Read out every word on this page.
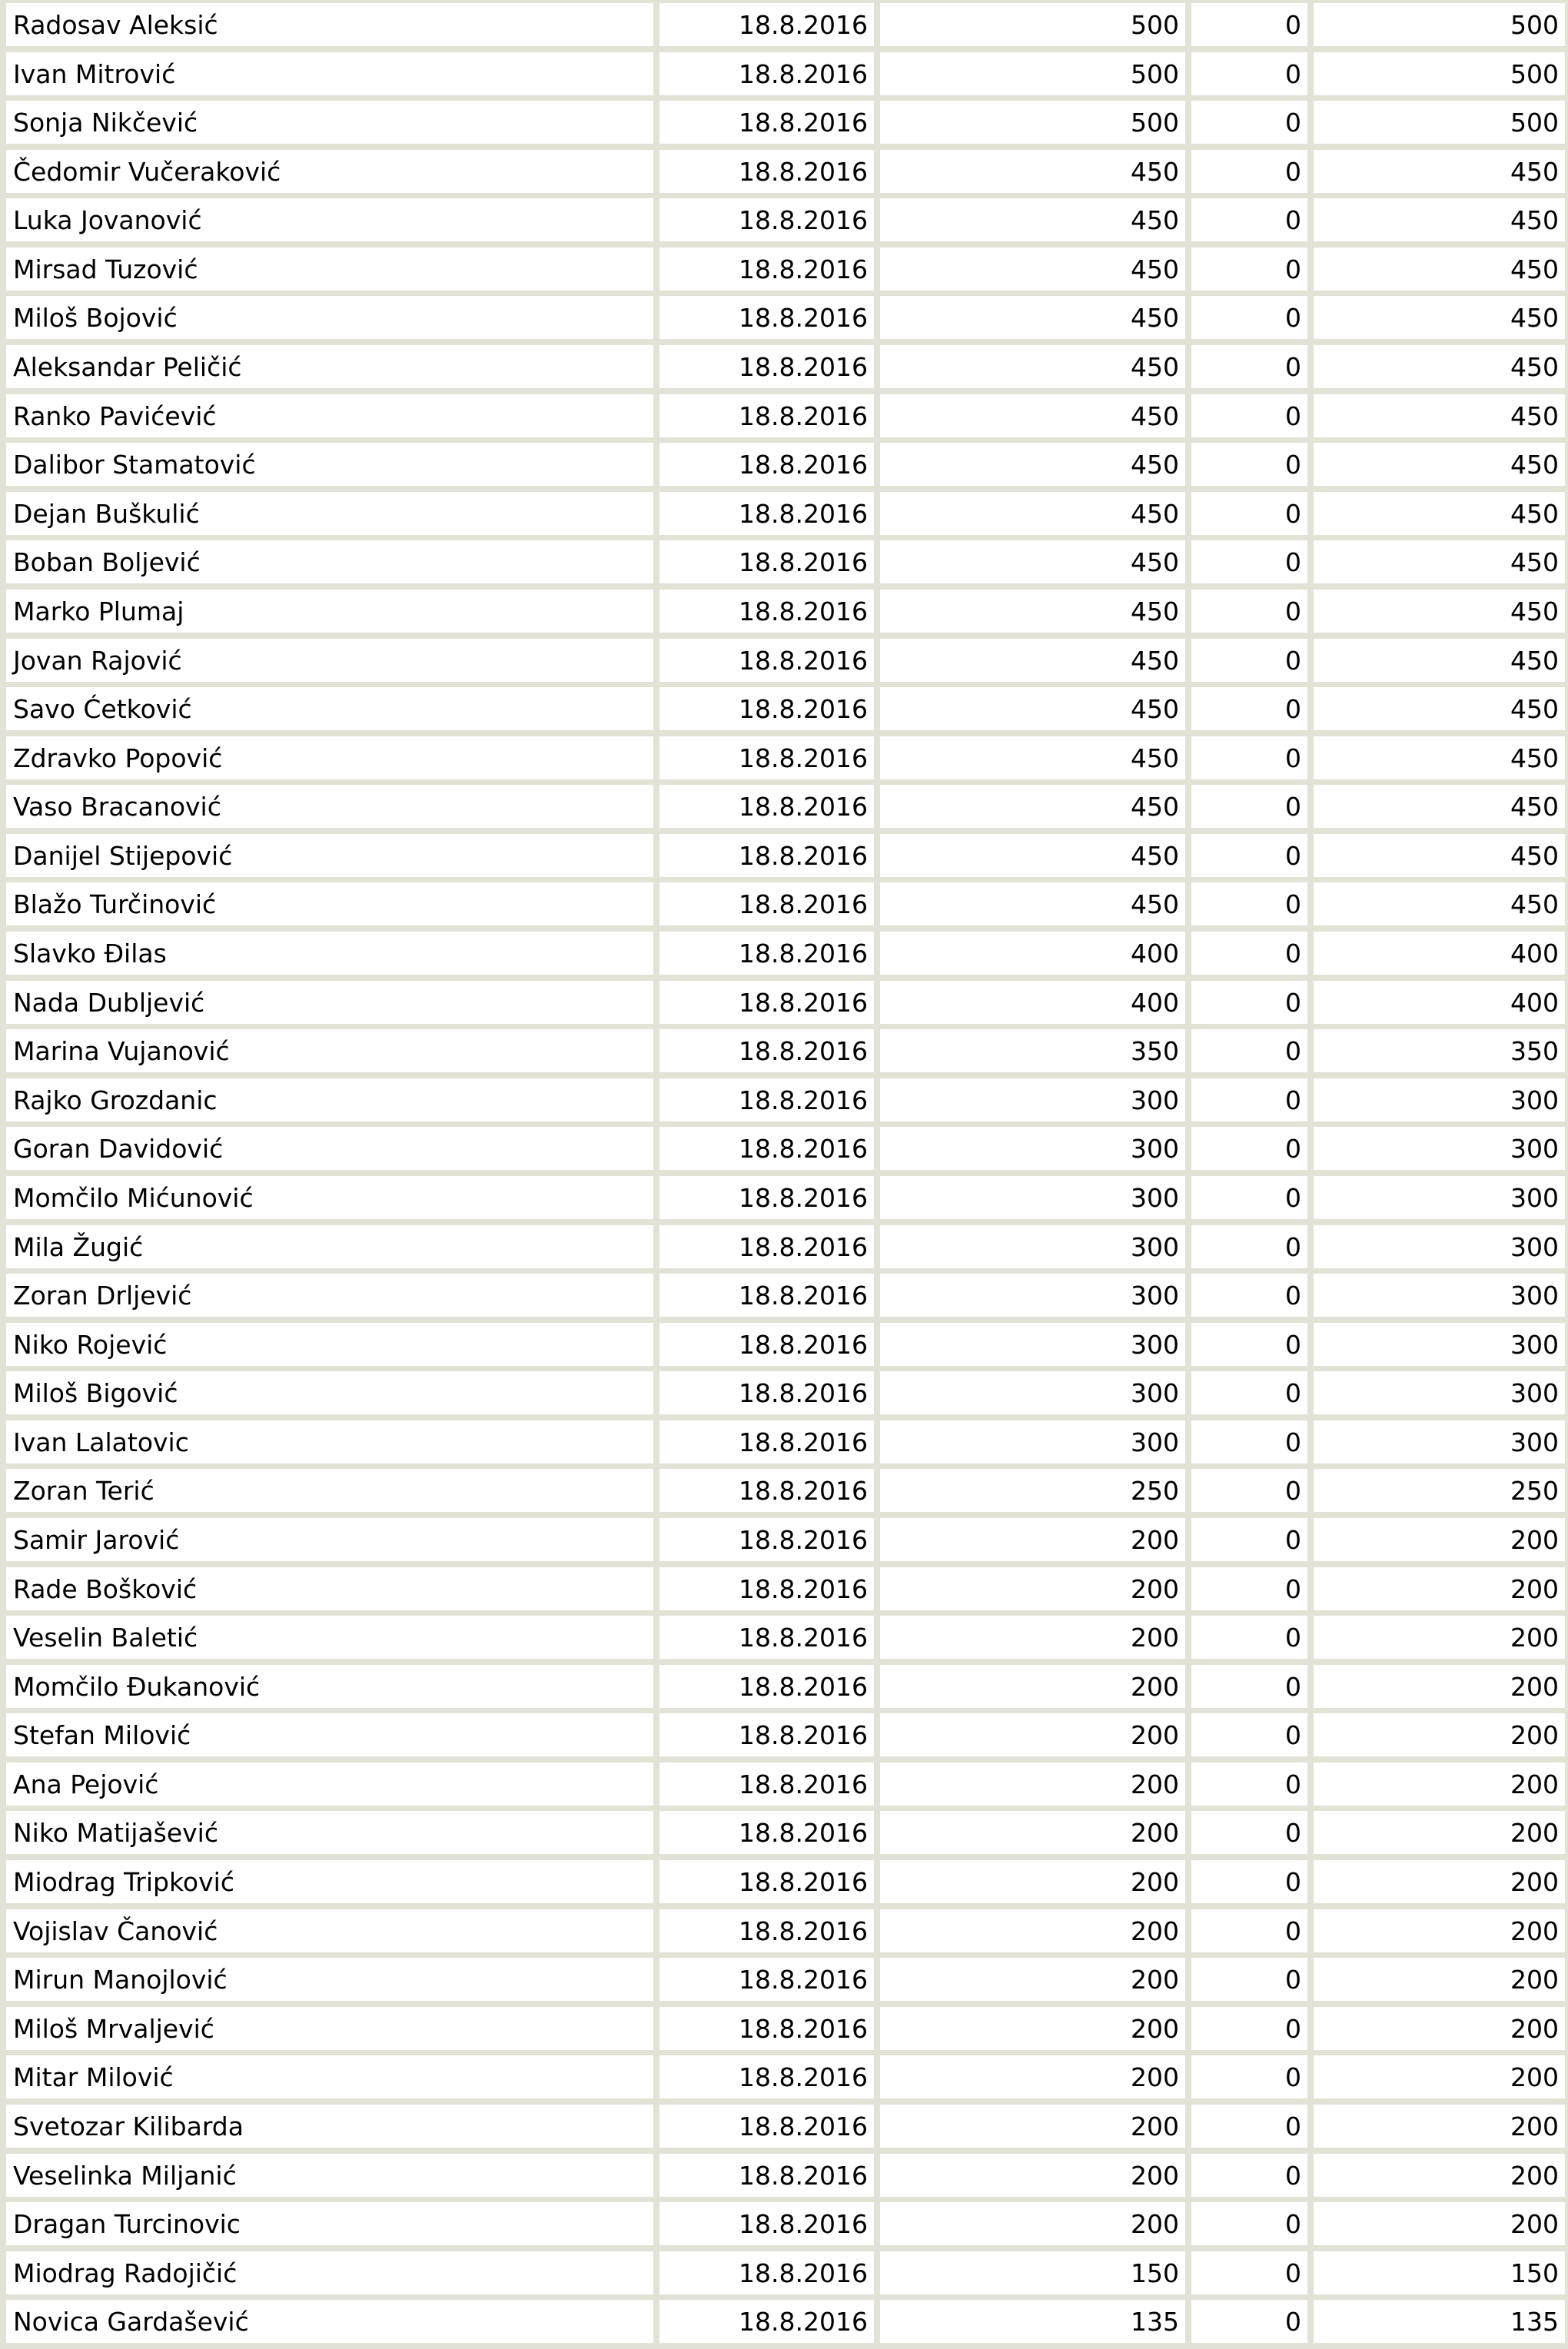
Radosav Aleksić	18.8.2016	500	0	500
Ivan Mitrović	18.8.2016	500	0	500
Sonja Nikčević	18.8.2016	500	0	500
Čedomir Vučeraković	18.8.2016	450	0	450
Luka Jovanović	18.8.2016	450	0	450
Mirsad Tuzović	18.8.2016	450	0	450
Miloš Bojović	18.8.2016	450	0	450
Aleksandar Peličić	18.8.2016	450	0	450
Ranko Pavićević	18.8.2016	450	0	450
Dalibor Stamatović	18.8.2016	450	0	450
Dejan Buškulić	18.8.2016	450	0	450
Boban Boljević	18.8.2016	450	0	450
Marko Plumaj	18.8.2016	450	0	450
Jovan Rajović	18.8.2016	450	0	450
Savo Ćetković	18.8.2016	450	0	450
Zdravko Popović	18.8.2016	450	0	450
Vaso Bracanović	18.8.2016	450	0	450
Danijel Stijepović	18.8.2016	450	0	450
Blažo Turčinović	18.8.2016	450	0	450
Slavko Đilas	18.8.2016	400	0	400
Nada Dubljević	18.8.2016	400	0	400
Marina Vujanović	18.8.2016	350	0	350
Rajko Grozdanic	18.8.2016	300	0	300
Goran Davidović	18.8.2016	300	0	300
Momčilo Mićunović	18.8.2016	300	0	300
Mila Žugić	18.8.2016	300	0	300
Zoran Drljević	18.8.2016	300	0	300
Niko Rojević	18.8.2016	300	0	300
Miloš Bigović	18.8.2016	300	0	300
Ivan Lalatovic	18.8.2016	300	0	300
Zoran Terić	18.8.2016	250	0	250
Samir Jarović	18.8.2016	200	0	200
Rade Bošković	18.8.2016	200	0	200
Veselin Baletić	18.8.2016	200	0	200
Momčilo Đukanović	18.8.2016	200	0	200
Stefan Milović	18.8.2016	200	0	200
Ana Pejović	18.8.2016	200	0	200
Niko Matijašević	18.8.2016	200	0	200
Miodrag Tripković	18.8.2016	200	0	200
Vojislav Čanović	18.8.2016	200	0	200
Mirun Manojlović	18.8.2016	200	0	200
Miloš Mrvaljević	18.8.2016	200	0	200
Mitar Milović	18.8.2016	200	0	200
Svetozar Kilibarda	18.8.2016	200	0	200
Veselinka Miljanić	18.8.2016	200	0	200
Dragan Turcinovic	18.8.2016	200	0	200
Miodrag Radojičić	18.8.2016	150	0	150
Novica Gardašević	18.8.2016	135	0	135
